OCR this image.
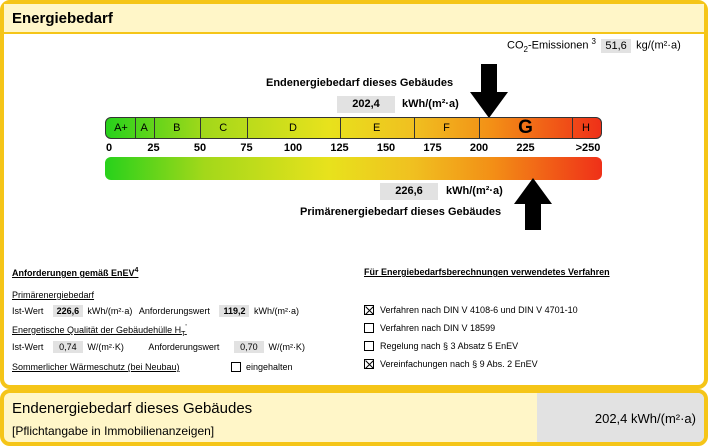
Energiebedarf
$CO_2$-Emissionen $^3$ 51,6 kg/(m²·a)
Endenergiebedarf dieses Gebäudes
202,4	kWh/(m²·a)
A+	A	B	C	D	E	F	G	H
0	25	50	75	100	125	150	175	200	225	>250
226,6	kWh/(m²·a)
Primärenergiebedarf dieses Gebäudes
Anforderungen gemäß EnEV$^4$
Primärenergiebedarf
Ist-Wert 226,6 kWh/(m²·a) Anforderungswert 119,2 kWh/(m²·a)
Energetische Qualität der Gebäudehülle $H_T'$
Ist-Wert 0,74 W/(m²·K)	Anforderungswert 0,70 W/(m²·K)
Sommerlicher Wärmeschutz (bei Neubau)	eingehalten
Für Energiebedarfsberechnungen verwendetes Verfahren
Verfahren nach DIN V 4108-6 und DIN V 4701-10
Verfahren nach DIN V 18599
Regelung nach § 3 Absatz 5 EnEV
Vereinfachungen nach § 9 Abs. 2 EnEV
Endenergiebedarf dieses Gebäudes
[Pflichtangabe in Immobilienanzeigen]
202,4 kWh/(m²·a)
